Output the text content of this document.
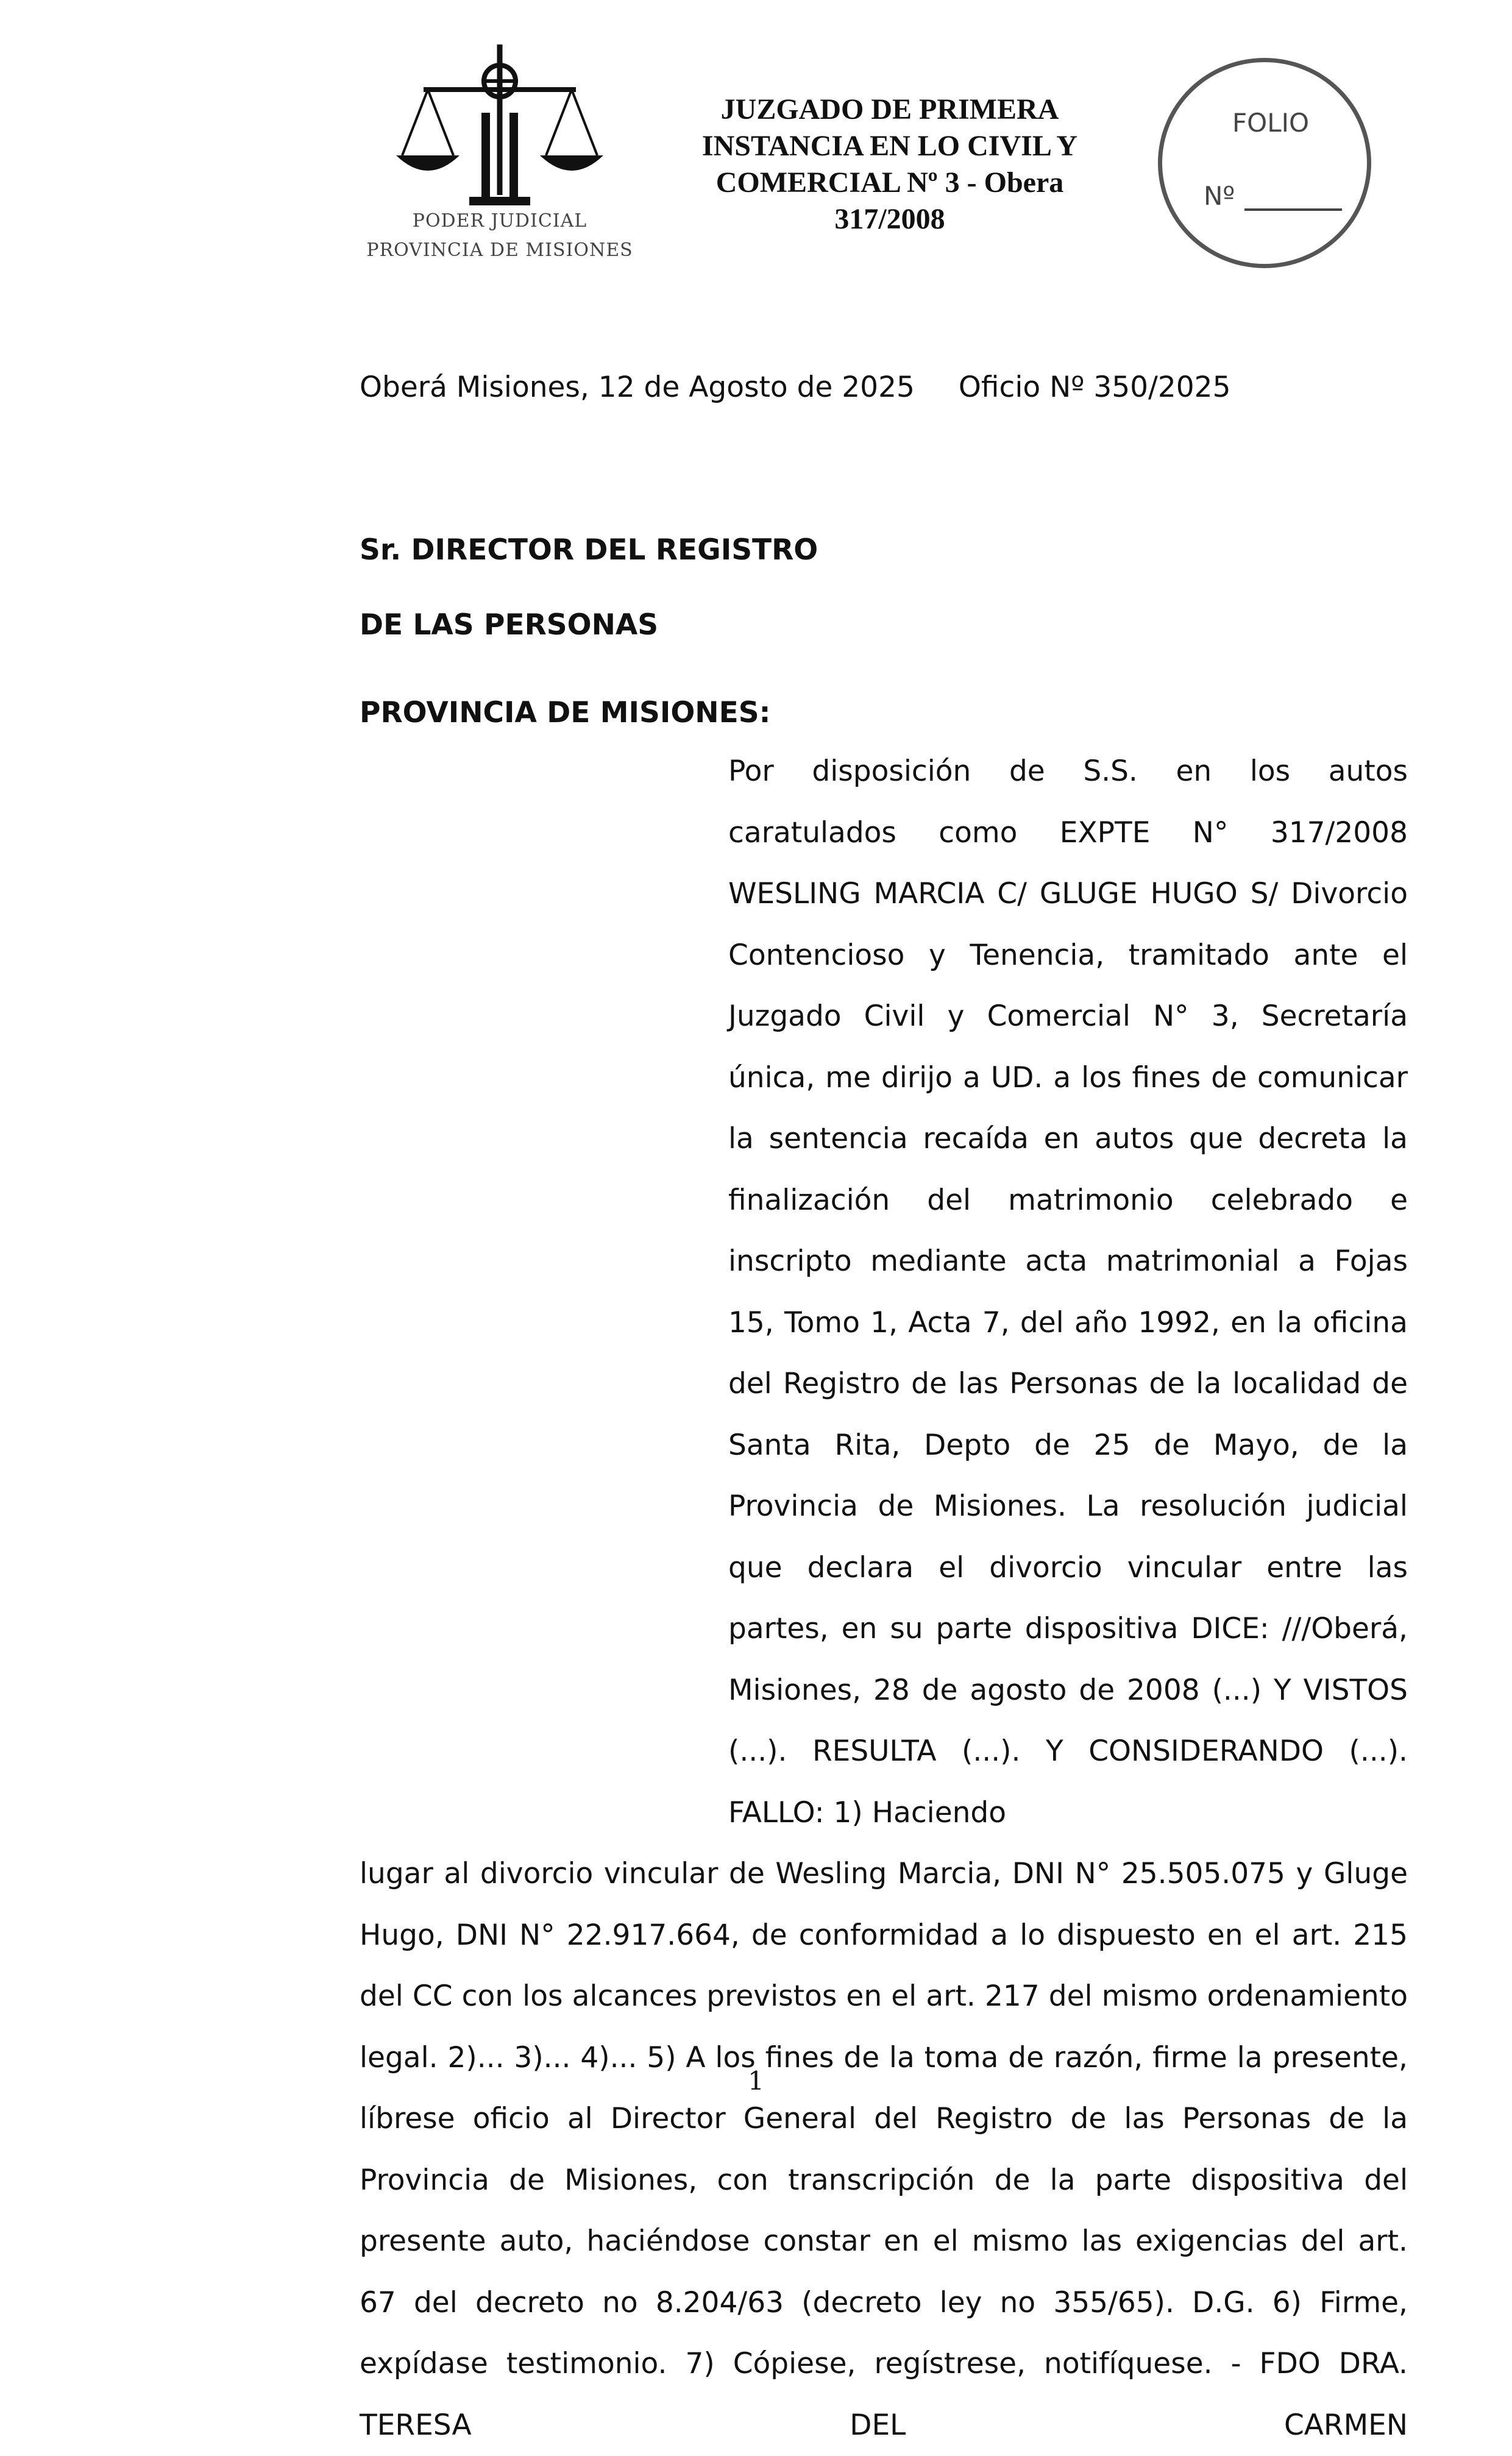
PODER JUDICIAL
PROVINCIA DE MISIONES
JUZGADO DE PRIMERA
INSTANCIA EN LO CIVIL Y
COMERCIAL Nº 3 - Obera
317/2008
FOLIO
Nº
Oberá Misiones, 12 de Agosto de 2025 Oficio Nº 350/2025
Sr. DIRECTOR DEL REGISTRO
DE LAS PERSONAS
PROVINCIA DE MISIONES:

Por disposición de S.S. en los autos caratulados como EXPTE N° 317/2008 WESLING MARCIA C/ GLUGE HUGO S/ Divorcio Contencioso y Tenencia, tramitado ante el Juzgado Civil y Comercial N° 3, Secretaría única, me dirijo a UD. a los fines de comunicar la sentencia recaída en autos que decreta la finalización del matrimonio celebrado e inscripto mediante acta matrimonial a Fojas 15, Tomo 1, Acta 7, del año 1992, en la oficina del Registro de las Personas de la localidad de Santa Rita, Depto de 25 de Mayo, de la Provincia de Misiones. La resolución judicial que declara el divorcio vincular entre las partes, en su parte dispositiva DICE: ///Oberá, Misiones, 28 de agosto de 2008 (...) Y VISTOS (...). RESULTA (...). Y CONSIDERANDO (...). FALLO: 1) Haciendo

lugar al divorcio vincular de Wesling Marcia, DNI N° 25.505.075 y Gluge Hugo, DNI N° 22.917.664, de conformidad a lo dispuesto en el art. 215 del CC con los alcances previstos en el art. 217 del mismo ordenamiento legal. 2)... 3)... 4)... 5) A los fines de la toma de razón, firme la presente, líbrese oficio al Director General del Registro de las Personas de la Provincia de Misiones, con transcripción de la parte dispositiva del presente auto, haciéndose constar en el mismo las exigencias del art. 67 del decreto no 8.204/63 (decreto ley no 355/65). D.G. 6) Firme, expídase testimonio. 7) Cópiese, regístrese, notifíquese. - FDO DRA. TERESA DEL CARMEN

1
